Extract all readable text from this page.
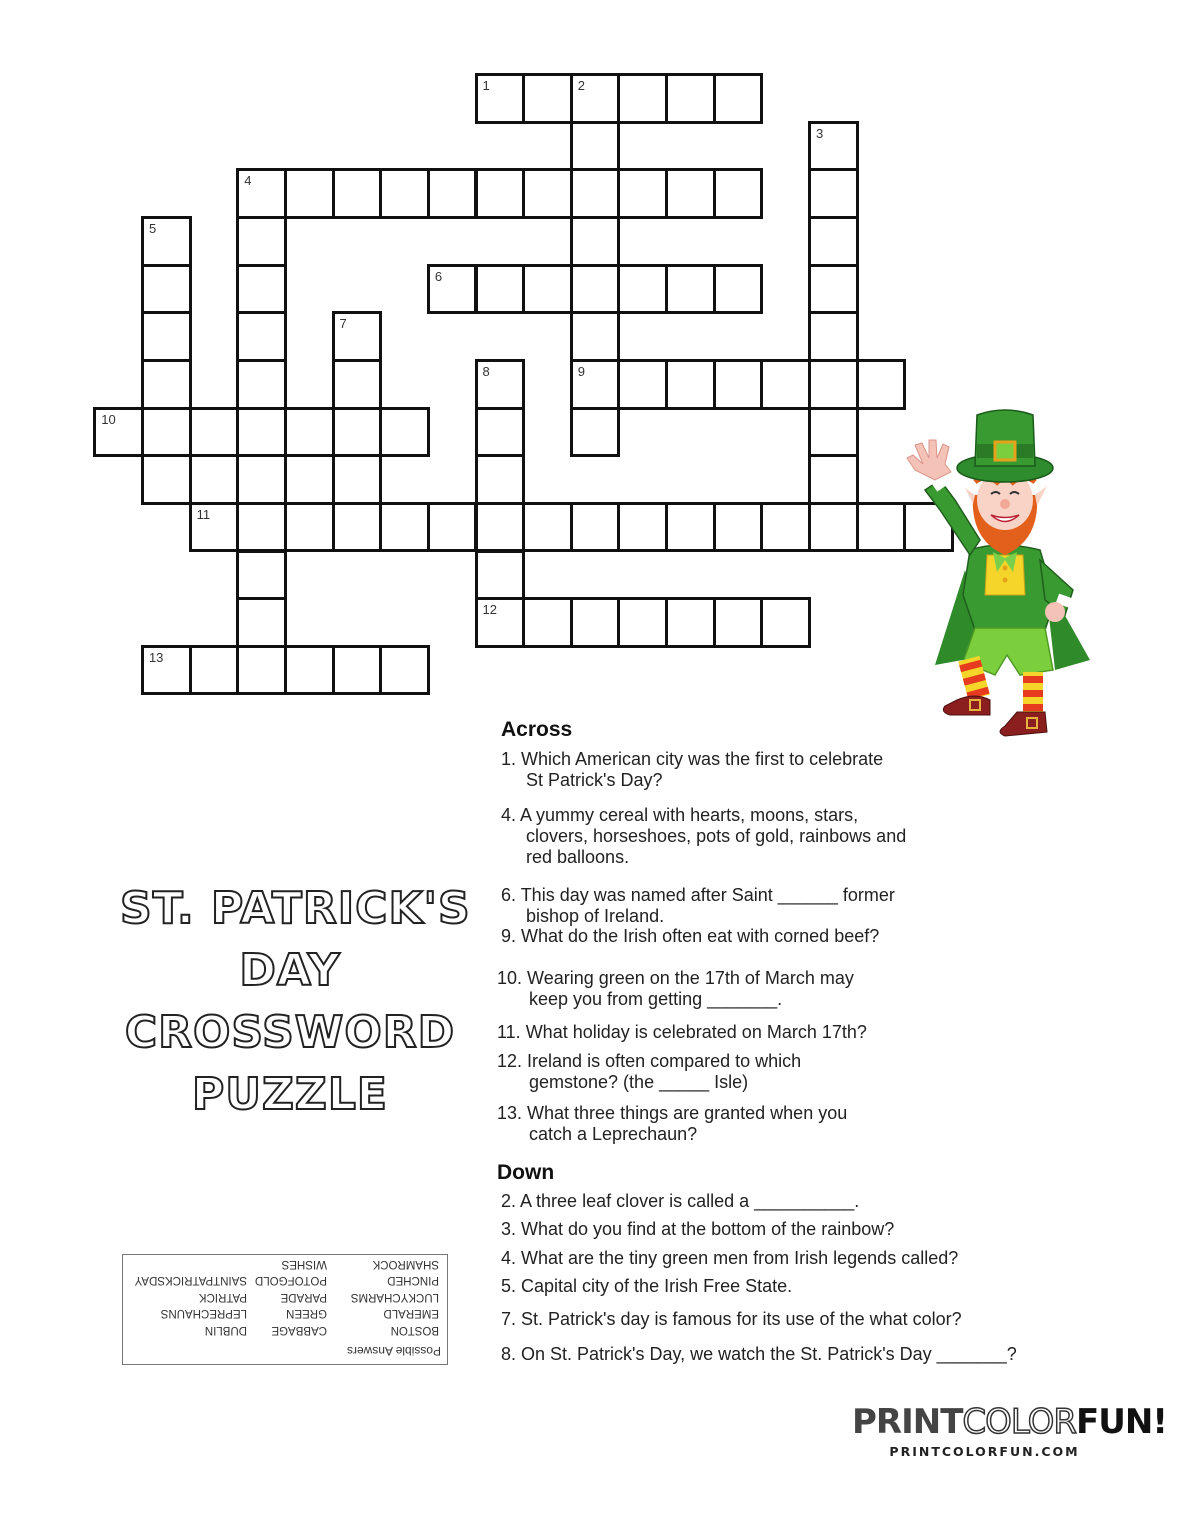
1	2
9
3
4
5
6
7
8
12
10
11
13
ST. PATRICK'S
DAY
CROSSWORD
PUZZLE
Across
Down
1. Which American city was the first to celebrate
St Patrick's Day?
4. A yummy cereal with hearts, moons, stars,
clovers, horseshoes, pots of gold, rainbows and
red balloons.
6. This day was named after Saint ______ former
bishop of Ireland.
9. What do the Irish often eat with corned beef?
10. Wearing green on the 17th of March may
keep you from getting _______.
11. What holiday is celebrated on March 17th?
12. Ireland is often compared to which
gemstone? (the _____ Isle)
13. What three things are granted when you
catch a Leprechaun?
2. A three leaf clover is called a __________.
3. What do you find at the bottom of the rainbow?
4. What are the tiny green men from Irish legends called?
5. Capital city of the Irish Free State.
7. St. Patrick's day is famous for its use of the what color?
8. On St. Patrick's Day, we watch the St. Patrick's Day _______?
Possible Answers
BOSTON
EMERALD
LUCKYCHARMS
PINCHED
SHAMROCK
CABBAGE
GREEN
PARADE
POTOFGOLD
WISHES
DUBLIN
LEPRECHAUNS
PATRICK
SAINTPATRICKSDAY
PRINTCOLORFUN!
PRINTCOLORFUN.COM
